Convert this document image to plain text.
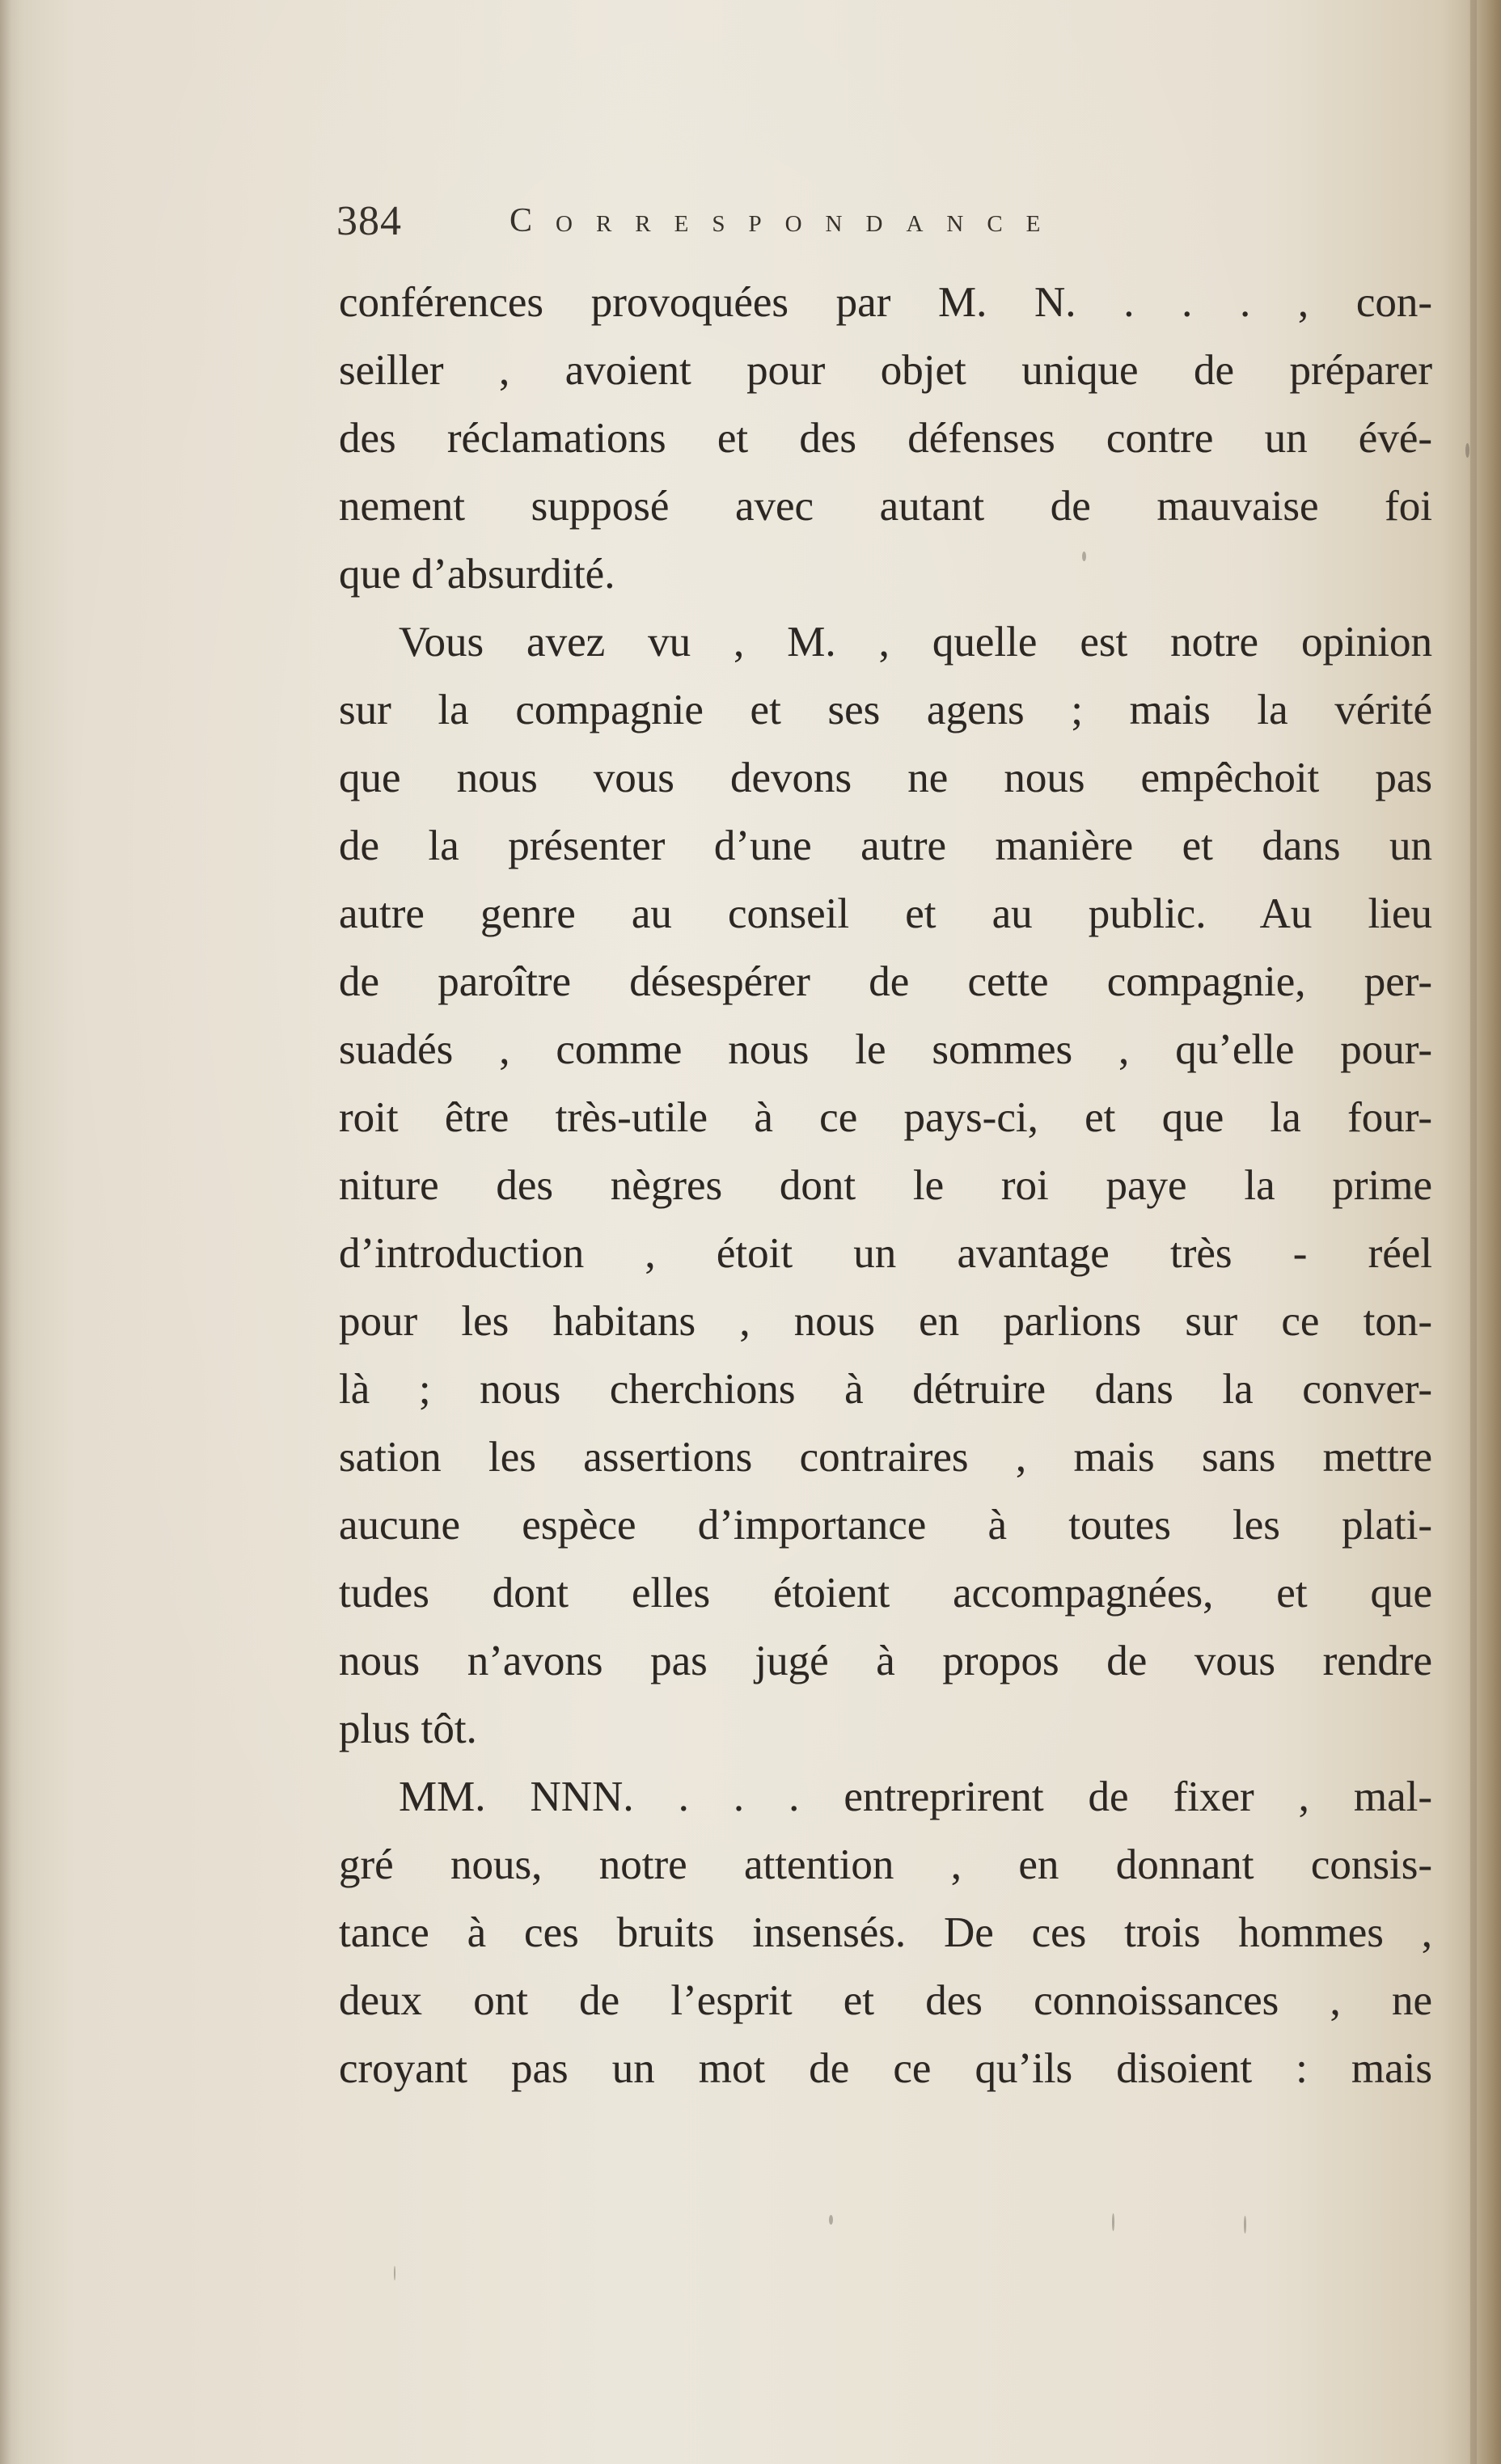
384	Correspondance
conférences provoquées par M. N. . . . , con-
seiller , avoient pour objet unique de préparer
des réclamations et des défenses contre un évé-
nement supposé avec autant de mauvaise foi
que d’absurdité.
Vous avez vu , M. , quelle est notre opinion
sur la compagnie et ses agens ; mais la vérité
que nous vous devons ne nous empêchoit pas
de la présenter d’une autre manière et dans un
autre genre au conseil et au public. Au lieu
de paroître désespérer de cette compagnie, per-
suadés , comme nous le sommes , qu’elle pour-
roit être très-utile à ce pays-ci, et que la four-
niture des nègres dont le roi paye la prime
d’introduction , étoit un avantage très - réel
pour les habitans , nous en parlions sur ce ton-
là ; nous cherchions à détruire dans la conver-
sation les assertions contraires , mais sans mettre
aucune espèce d’importance à toutes les plati-
tudes dont elles étoient accompagnées, et que
nous n’avons pas jugé à propos de vous rendre
plus tôt.
MM. NNN. . . . entreprirent de fixer , mal-
gré nous, notre attention , en donnant consis-
tance à ces bruits insensés. De ces trois hommes ,
deux ont de l’esprit et des connoissances , ne
croyant pas un mot de ce qu’ils disoient : mais
